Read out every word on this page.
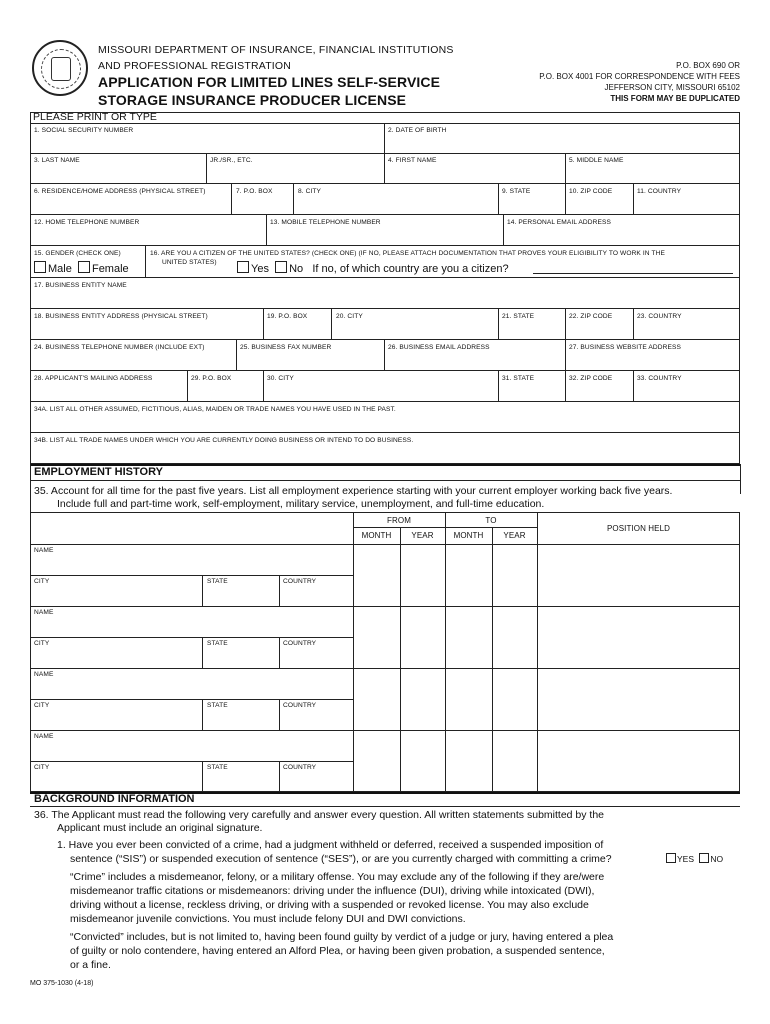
MISSOURI DEPARTMENT OF INSURANCE, FINANCIAL INSTITUTIONS
AND PROFESSIONAL REGISTRATION
APPLICATION FOR LIMITED LINES SELF-SERVICE
STORAGE INSURANCE PRODUCER LICENSE
P.O. BOX 690 OR
P.O. BOX 4001 FOR CORRESPONDENCE WITH FEES
JEFFERSON CITY, MISSOURI 65102
THIS FORM MAY BE DUPLICATED
PLEASE PRINT OR TYPE
1. SOCIAL SECURITY NUMBER	2. DATE OF BIRTH
3. LAST NAME	JR./SR., ETC.	4. FIRST NAME	5. MIDDLE NAME
6. RESIDENCE/HOME ADDRESS (PHYSICAL STREET)	7. P.O. BOX	8. CITY	9. STATE	10. ZIP CODE	11. COUNTRY
12. HOME TELEPHONE NUMBER	13. MOBILE TELEPHONE NUMBER	14. PERSONAL EMAIL ADDRESS
15. GENDER (CHECK ONE)
Male Female
16. ARE YOU A CITIZEN OF THE UNITED STATES? (CHECK ONE) (IF NO, PLEASE ATTACH DOCUMENTATION THAT PROVES YOUR ELIGIBILITY TO WORK IN THE
UNITED STATES)
Yes No If no, of which country are you a citizen?
17. BUSINESS ENTITY NAME
18. BUSINESS ENTITY ADDRESS (PHYSICAL STREET)	19. P.O. BOX	20. CITY	21. STATE	22. ZIP CODE	23. COUNTRY
24. BUSINESS TELEPHONE NUMBER (INCLUDE EXT)	25. BUSINESS FAX NUMBER	26. BUSINESS EMAIL ADDRESS	27. BUSINESS WEBSITE ADDRESS
28. APPLICANT'S MAILING ADDRESS	29. P.O. BOX	30. CITY	31. STATE	32. ZIP CODE	33. COUNTRY
34A. LIST ALL OTHER ASSUMED, FICTITIOUS, ALIAS, MAIDEN OR TRADE NAMES YOU HAVE USED IN THE PAST.
34B. LIST ALL TRADE NAMES UNDER WHICH YOU ARE CURRENTLY DOING BUSINESS OR INTEND TO DO BUSINESS.
EMPLOYMENT HISTORY
35. Account for all time for the past five years. List all employment experience starting with your current employer working back five years.
Include full and part-time work, self-employment, military service, unemployment, and full-time education.
FROM	TO
MONTH	YEAR	MONTH	YEAR
POSITION HELD
NAME
CITY	STATE	COUNTRY
NAME
CITY	STATE	COUNTRY
NAME
CITY	STATE	COUNTRY
NAME
CITY	STATE	COUNTRY
BACKGROUND INFORMATION
36. The Applicant must read the following very carefully and answer every question. All written statements submitted by the
Applicant must include an original signature.
1. Have you ever been convicted of a crime, had a judgment withheld or deferred, received a suspended imposition of
sentence (“SIS”) or suspended execution of sentence (“SES”), or are you currently charged with committing a crime?	YES NO
“Crime” includes a misdemeanor, felony, or a military offense. You may exclude any of the following if they are/were
misdemeanor traffic citations or misdemeanors: driving under the influence (DUI), driving while intoxicated (DWI),
driving without a license, reckless driving, or driving with a suspended or revoked license. You may also exclude
misdemeanor juvenile convictions. You must include felony DUI and DWI convictions.
“Convicted” includes, but is not limited to, having been found guilty by verdict of a judge or jury, having entered a plea
of guilty or nolo contendere, having entered an Alford Plea, or having been given probation, a suspended sentence,
or a fine.
MO 375-1030 (4-18)
